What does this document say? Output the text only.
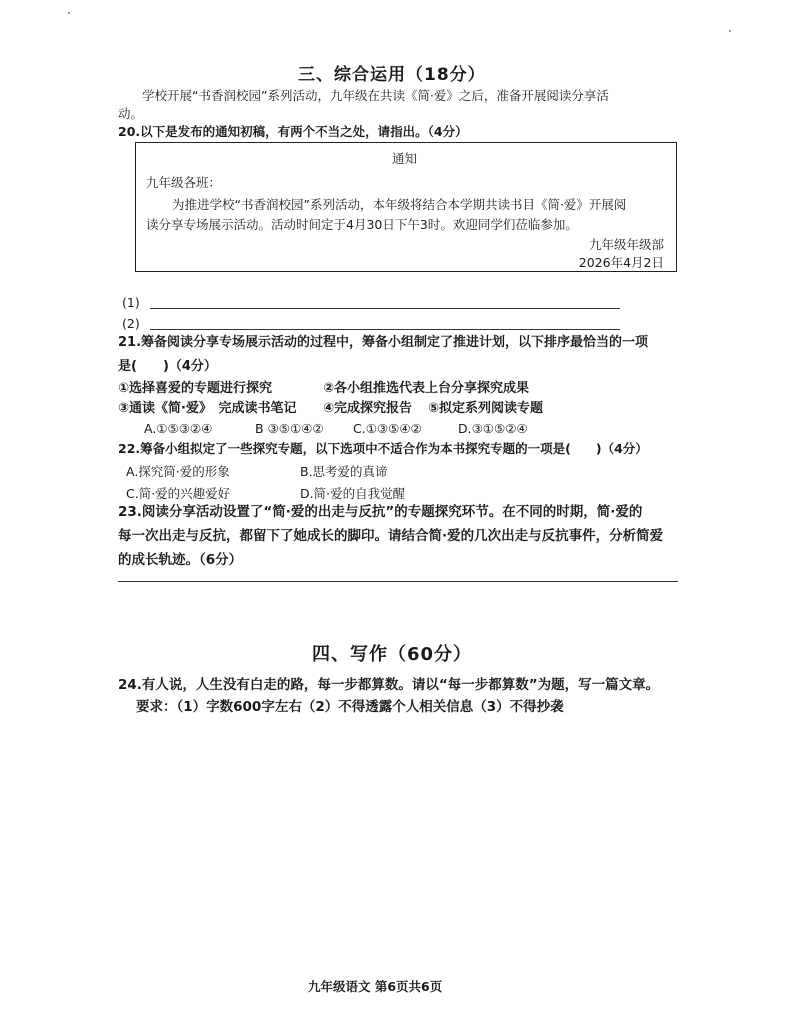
三、综合运用（18分）
学校开展“书香润校园”系列活动，九年级在共读《简·爱》之后，准备开展阅读分享活
动。
20.以下是发布的通知初稿，有两个不当之处，请指出。（4分）
通知
九年级各班：
为推进学校“书香润校园”系列活动，本年级将结合本学期共读书目《简·爱》开展阅
读分享专场展示活动。活动时间定于4月30日下午3时。欢迎同学们莅临参加。
九年级年级部
2026年4月2日
(1)
(2)
21.筹备阅读分享专场展示活动的过程中，筹备小组制定了推进计划，以下排序最恰当的一项
是(　　)（4分）
①选择喜爱的专题进行探究	②各小组推选代表上台分享探究成果
③通读《简·爱》　完成读书笔记 ④完成探究报告 ⑤拟定系列阅读专题
A.①⑤③②④	B ③⑤①④② C.①③⑤④②	D.③①⑤②④
22.筹备小组拟定了一些探究专题，以下选项中不适合作为本书探究专题的一项是(　　)（4分）
A.探究简·爱的形象	B.思考爱的真谛
C.简·爱的兴趣爱好	D.简·爱的自我觉醒
23.阅读分享活动设置了“简·爱的出走与反抗”的专题探究环节。在不同的时期，简·爱的
每一次出走与反抗，都留下了她成长的脚印。请结合简·爱的几次出走与反抗事件，分析简爱
的成长轨迹。（6分）
四、写作（60分）
24.有人说，人生没有白走的路，每一步都算数。请以“每一步都算数”为题，写一篇文章。
要求：（1）字数600字左右（2）不得透露个人相关信息（3）不得抄袭
九年级语文 第6页共6页
